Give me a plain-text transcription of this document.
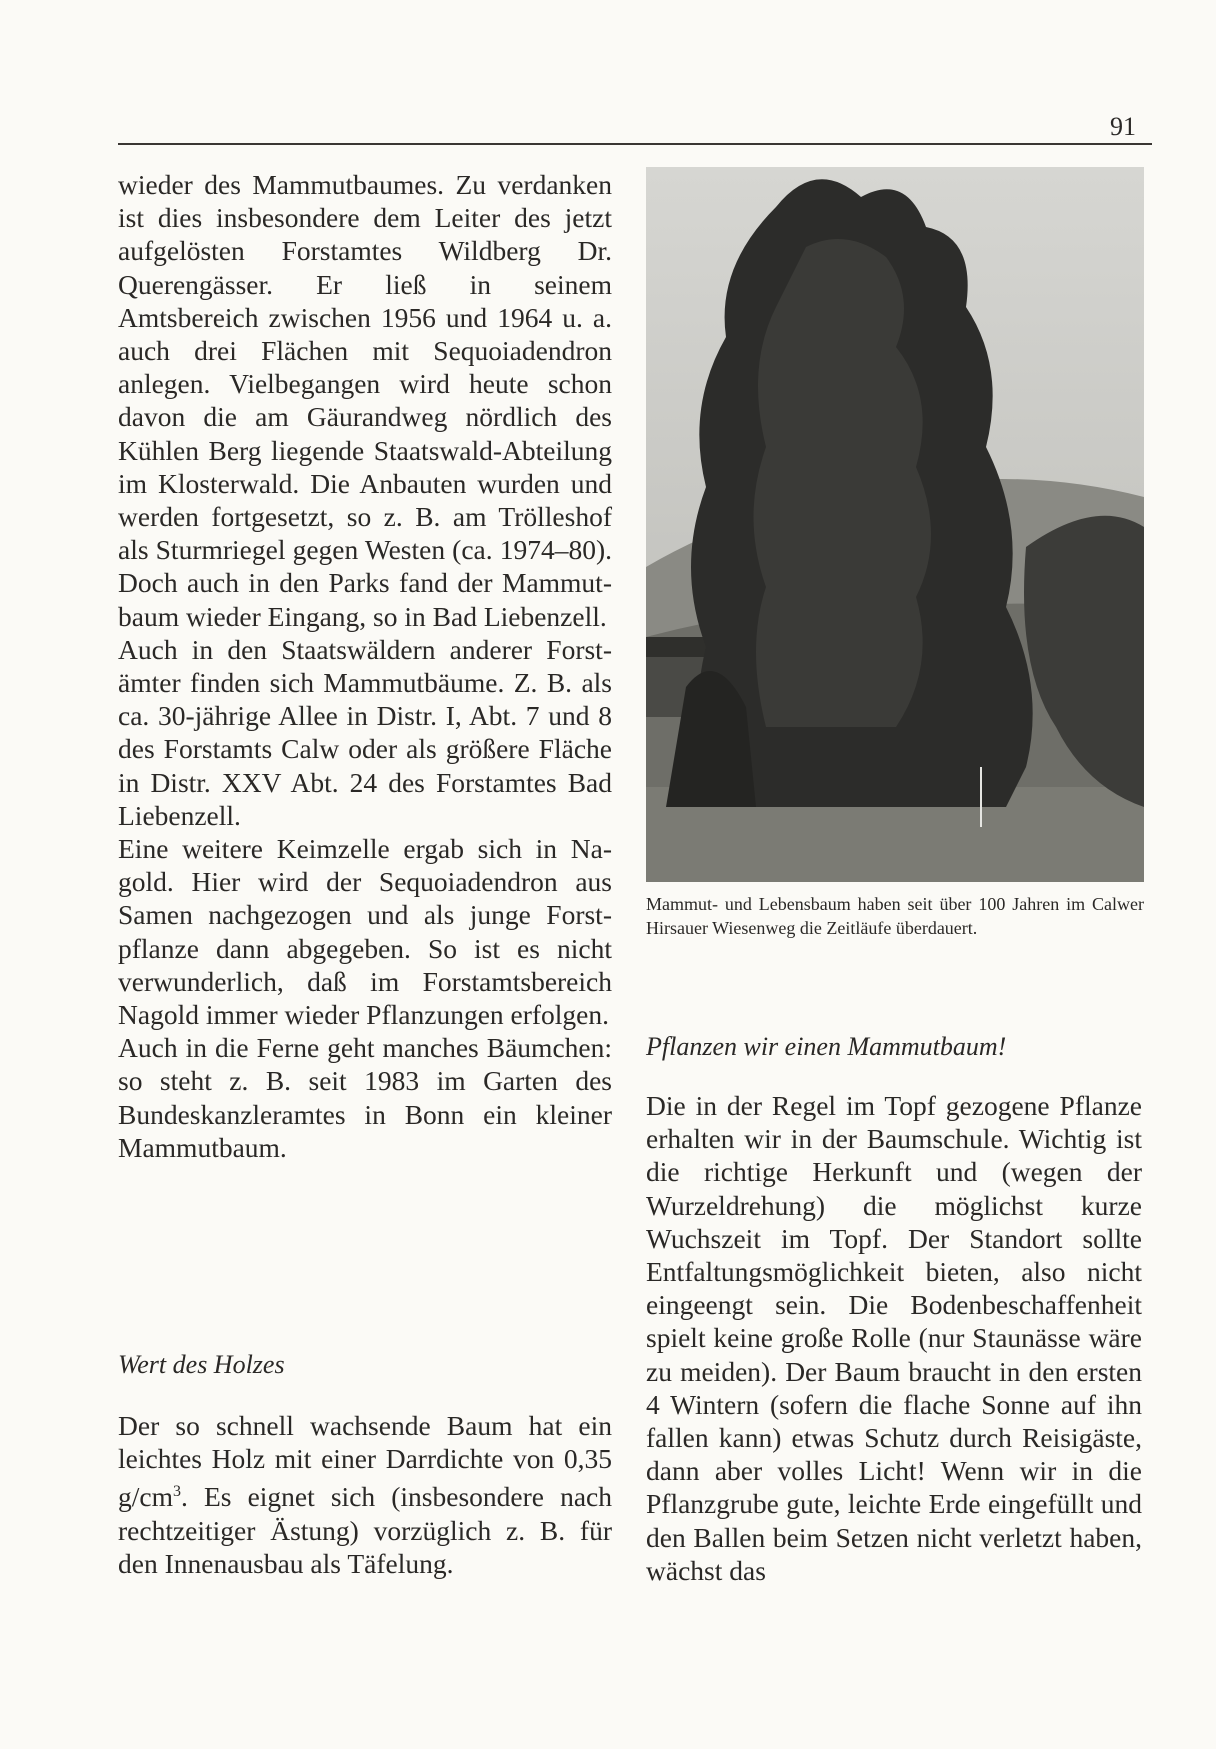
91

wieder des Mammutbaumes. Zu verdanken ist dies insbesondere dem Leiter des jetzt aufgelösten Forstamtes Wildberg Dr. Querengässer. Er ließ in seinem Amtsbereich zwischen 1956 und 1964 u. a. auch drei Flächen mit Sequoiadendron anlegen. Vielbegangen wird heute schon davon die am Gäurandweg nördlich des Kühlen Berg liegende Staatswald-Abteilung im Klosterwald. Die Anbauten wurden und werden fortgesetzt, so z. B. am Trölleshof als Sturmriegel gegen Westen (ca. 1974–80). Doch auch in den Parks fand der Mammutbaum wieder Eingang, so in Bad Liebenzell.

Auch in den Staatswäldern anderer Forstämter finden sich Mammutbäume. Z. B. als ca. 30-jährige Allee in Distr. I, Abt. 7 und 8 des Forstamts Calw oder als größere Fläche in Distr. XXV Abt. 24 des Forstamtes Bad Liebenzell.

Eine weitere Keimzelle ergab sich in Nagold. Hier wird der Sequoiadendron aus Samen nachgezogen und als junge Forstpflanze dann abgegeben. So ist es nicht verwunderlich, daß im Forstamtsbereich Nagold immer wieder Pflanzungen erfolgen.

Auch in die Ferne geht manches Bäumchen: so steht z. B. seit 1983 im Garten des Bundeskanzleramtes in Bonn ein kleiner Mammutbaum.

Wert des Holzes
Der so schnell wachsende Baum hat ein leichtes Holz mit einer Darrdichte von 0,35 $g/cm^3$. Es eignet sich (insbesondere nach rechtzeitiger Ästung) vorzüglich z. B. für den Innenausbau als Täfelung.
Mammut- und Lebensbaum haben seit über 100 Jahren im Calwer Hirsauer Wiesenweg die Zeitläufe überdauert.
Pflanzen wir einen Mammutbaum!
Die in der Regel im Topf gezogene Pflanze erhalten wir in der Baumschule. Wichtig ist die richtige Herkunft und (wegen der Wurzeldrehung) die möglichst kurze Wuchszeit im Topf. Der Standort sollte Entfaltungsmöglichkeit bieten, also nicht eingeengt sein. Die Bodenbeschaffenheit spielt keine große Rolle (nur Staunässe wäre zu meiden). Der Baum braucht in den ersten 4 Wintern (sofern die flache Sonne auf ihn fallen kann) etwas Schutz durch Reisigäste, dann aber volles Licht! Wenn wir in die Pflanzgrube gute, leichte Erde eingefüllt und den Ballen beim Setzen nicht verletzt haben, wächst das
